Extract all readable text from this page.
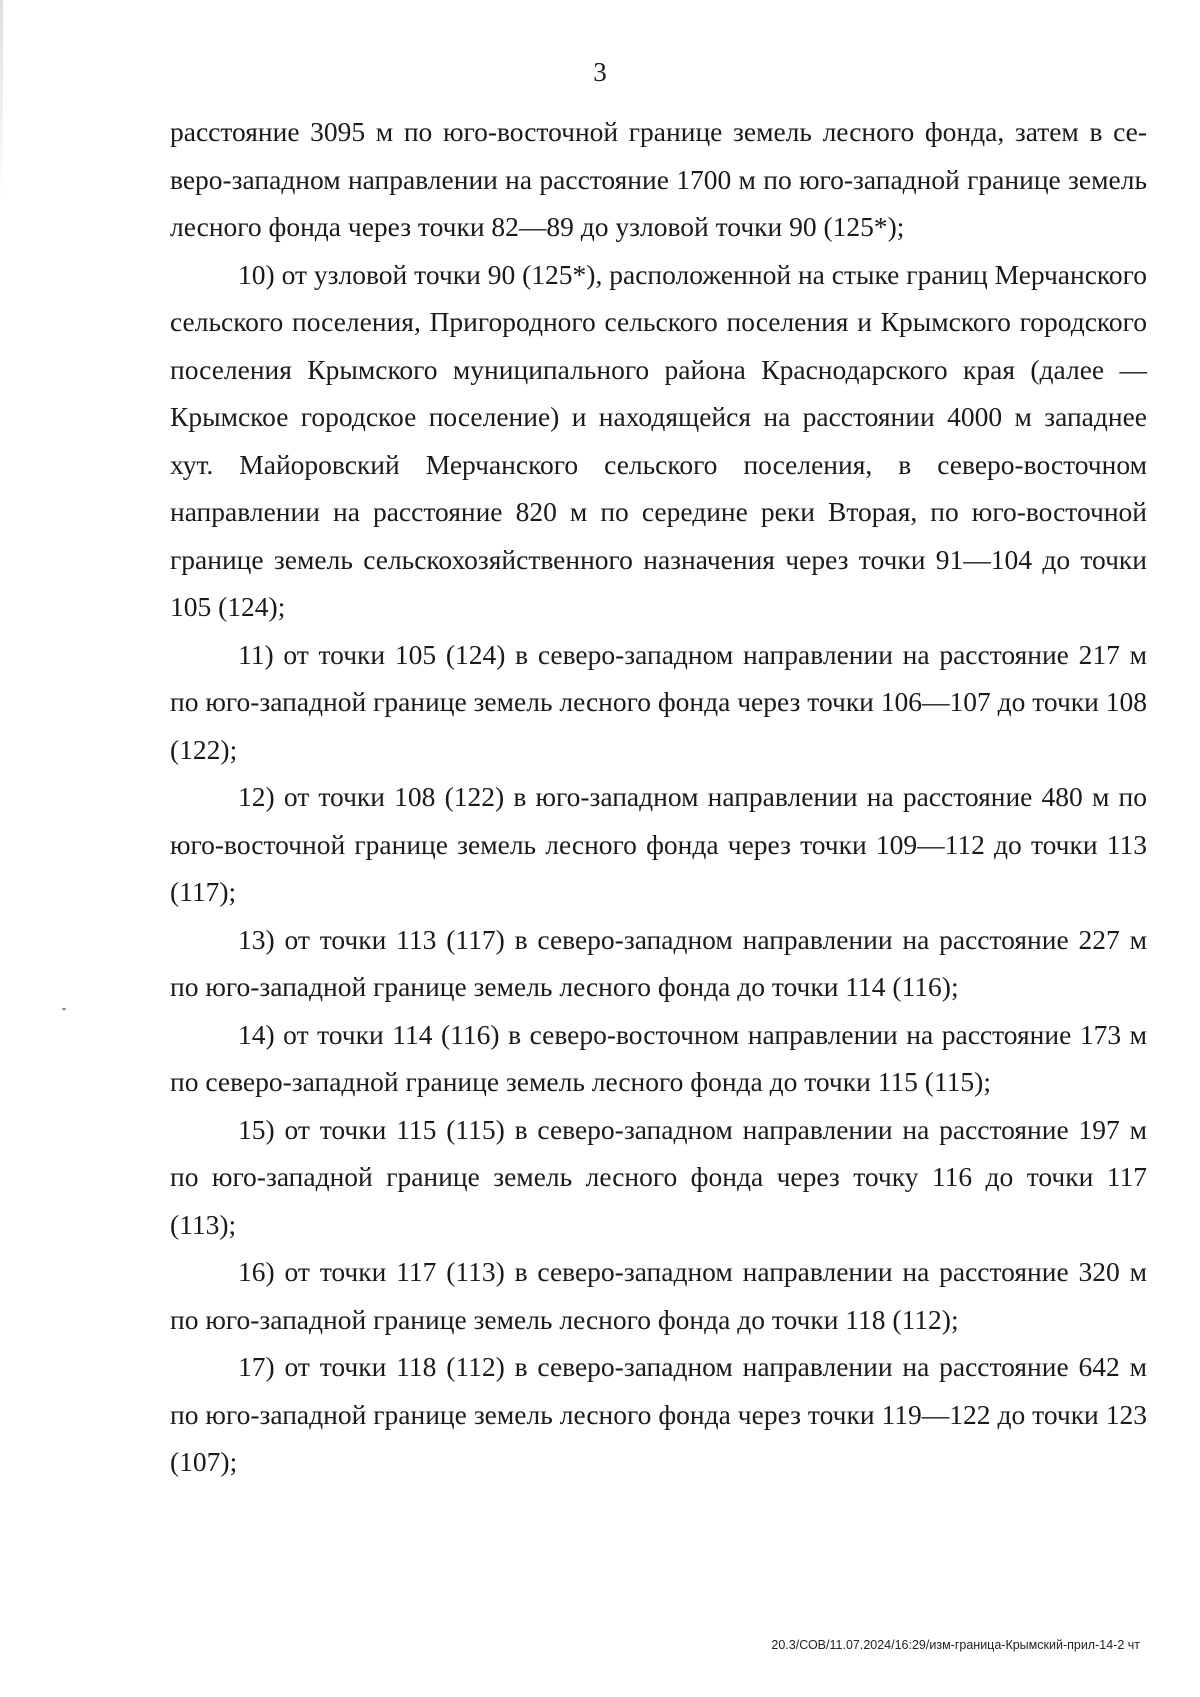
3

расстояние 3095 м по юго-восточной границе земель лесного фонда, затем в северо-западном направлении на расстояние 1700 м по юго-западной границе земель лесного фонда через точки 82—89 до узловой точки 90 (125*);

10) от узловой точки 90 (125*), расположенной на стыке границ Мерчанского сельского поселения, Пригородного сельского поселения и Крымского городского поселения Крымского муниципального района Краснодарского края (далее — Крымское городское поселение) и находящейся на расстоянии 4000 м западнее хут. Майоровский Мерчанского сельского поселения, в северо-восточном направлении на расстояние 820 м по середине реки Вторая, по юго-восточной границе земель сельскохозяйственного назначения через точки 91—104 до точки 105 (124);

11) от точки 105 (124) в северо-западном направлении на расстояние 217 м по юго-западной границе земель лесного фонда через точки 106—107 до точки 108 (122);

12) от точки 108 (122) в юго-западном направлении на расстояние 480 м по юго-восточной границе земель лесного фонда через точки 109—112 до точки 113 (117);

13) от точки 113 (117) в северо-западном направлении на расстояние 227 м по юго-западной границе земель лесного фонда до точки 114 (116);

14) от точки 114 (116) в северо-восточном направлении на расстояние 173 м по северо-западной границе земель лесного фонда до точки 115 (115);

15) от точки 115 (115) в северо-западном направлении на расстояние 197 м по юго-западной границе земель лесного фонда через точку 116 до точки 117 (113);

16) от точки 117 (113) в северо-западном направлении на расстояние 320 м по юго-западной границе земель лесного фонда до точки 118 (112);

17) от точки 118 (112) в северо-западном направлении на расстояние 642 м по юго-западной границе земель лесного фонда через точки 119—122 до точки 123 (107);

20.3/СОВ/11.07.2024/16:29/изм-граница-Крымский-прил-14-2 чт
